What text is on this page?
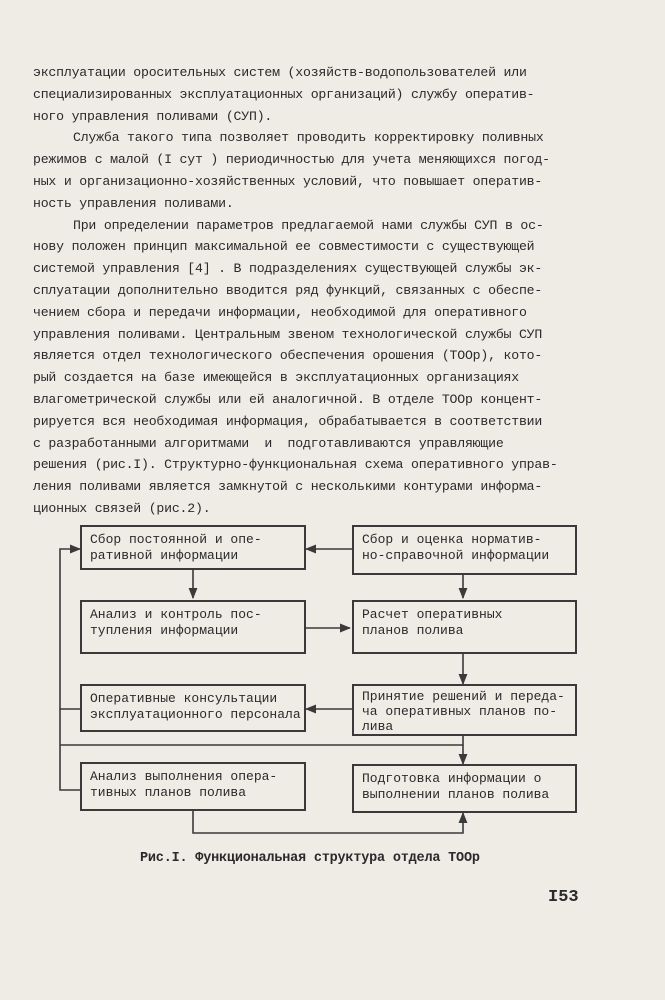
эксплуатации оросительных систем (хозяйств-водопользователей или
специализированных эксплуатационных организаций) службу оператив-
ного управления поливами (СУП).
Служба такого типа позволяет проводить корректировку поливных
режимов с малой (I сут ) периодичностью для учета меняющихся погод-
ных и организационно-хозяйственных условий, что повышает оператив-
ность управления поливами.
При определении параметров предлагаемой нами службы СУП в ос-
нову положен принцип максимальной ее совместимости с существующей
системой управления [4] . В подразделениях существующей службы эк-
сплуатации дополнительно вводится ряд функций, связанных с обеспе-
чением сбора и передачи информации, необходимой для оперативного
управления поливами. Центральным звеном технологической службы СУП
является отдел технологического обеспечения орошения (ТООр), кото-
рый создается на базе имеющейся в эксплуатационных организациях
влагометрической службы или ей аналогичной. В отделе ТООр концент-
рируется вся необходимая информация, обрабатывается в соответствии
с разработанными алгоритмами  и  подготавливаются управляющие
решения (рис.I). Структурно-функциональная схема оперативного управ-
ления поливами является замкнутой с несколькими контурами информа-
ционных связей (рис.2).
Сбор постоянной и опе-
ративной информации
Сбор и оценка норматив-
но-справочной информации
Анализ и контроль пос-
тупления информации
Расчет оперативных
планов полива
Оперативные консультации
эксплуатационного персонала
Принятие решений и переда-
ча оперативных планов по-
лива
Анализ выполнения опера-
тивных планов полива
Подготовка информации о
выполнении планов полива
Рис.I. Функциональная структура отдела ТООр
I53
